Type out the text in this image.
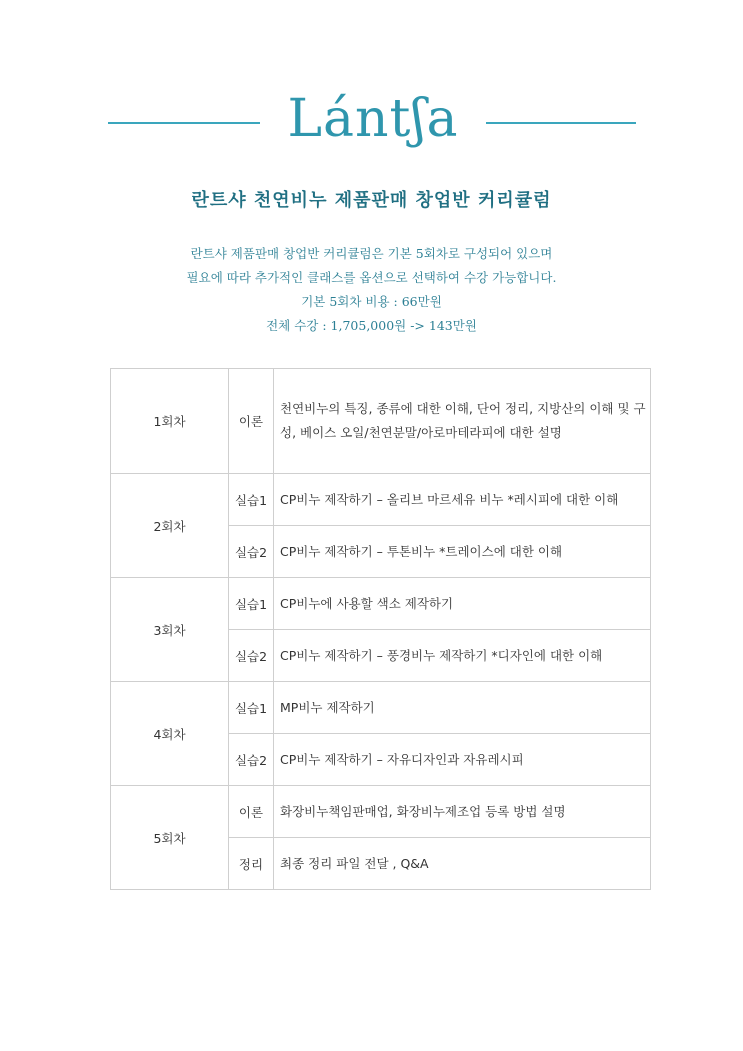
Lántʃa
란트샤 천연비누 제품판매 창업반 커리큘럼
란트샤 제품판매 창업반 커리큘럼은 기본 5회차로 구성되어 있으며
필요에 따라 추가적인 클래스를 옵션으로 선택하여 수강 가능합니다.
기본 5회차 비용 : 66만원
전체 수강 : 1,705,000원 -> 143만원
1회차	이론	천연비누의 특징, 종류에 대한 이해, 단어 정리, 지방산의 이해 및 구성, 베이스 오일/천연분말/아로마테라피에 대한 설명
2회차	실습1	CP비누 제작하기 – 올리브 마르세유 비누 *레시피에 대한 이해
	실습2	CP비누 제작하기 – 투톤비누 *트레이스에 대한 이해
3회차	실습1	CP비누에 사용할 색소 제작하기
	실습2	CP비누 제작하기 – 풍경비누 제작하기 *디자인에 대한 이해
4회차	실습1	MP비누 제작하기
	실습2	CP비누 제작하기 – 자유디자인과 자유레시피
5회차	이론	화장비누책임판매업, 화장비누제조업 등록 방법 설명
	정리	최종 정리 파일 전달 , Q&A
